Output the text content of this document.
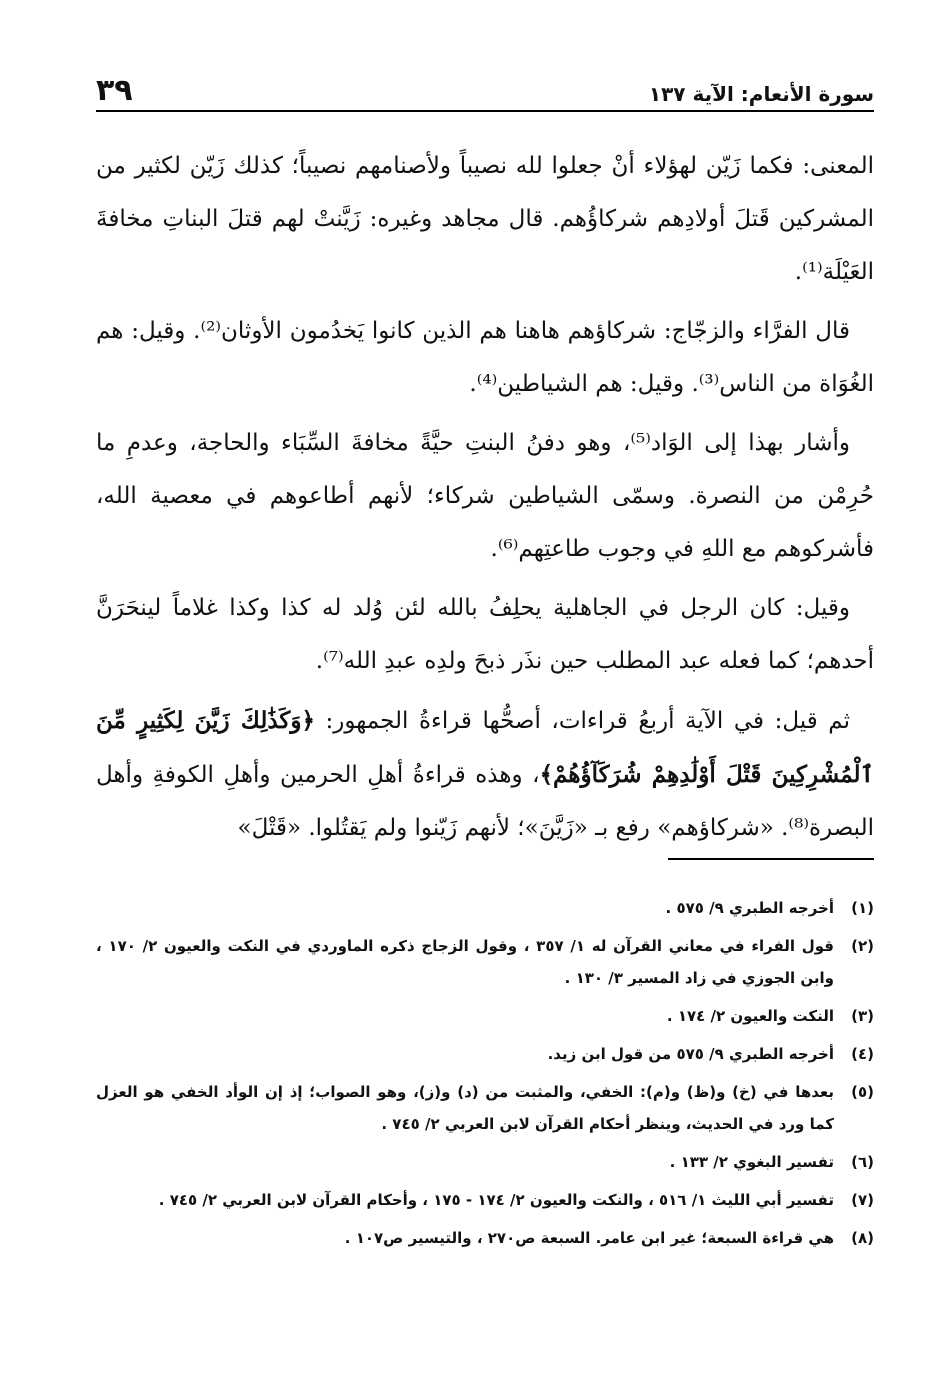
سورة الأنعام: الآية ١٣٧
٣٩

المعنى: فكما زَيّن لهؤلاء أنْ جعلوا لله نصيباً ولأصنامهم نصيباً؛ كذلك زَيّن لكثير من المشركين قَتلَ أولادِهم شركاؤُهم. قال مجاهد وغيره: زَيَّنتْ لهم قتلَ البناتِ مخافةَ العَيْلَة⁽¹⁾.

قال الفرَّاء والزجّاج: شركاؤهم هاهنا هم الذين كانوا يَخدُمون الأوثان⁽²⁾. وقيل: هم الغُوَاة من الناس⁽³⁾. وقيل: هم الشياطين⁽⁴⁾.

وأشار بهذا إلى الوَاد⁽⁵⁾، وهو دفنُ البنتِ حيَّةً مخافةَ السِّبَاء والحاجة، وعدمِ ما حُرِمْن من النصرة. وسمّى الشياطين شركاء؛ لأنهم أطاعوهم في معصية الله، فأشركوهم مع اللهِ في وجوب طاعتِهم⁽⁶⁾.

وقيل: كان الرجل في الجاهلية يحلِفُ بالله لئن وُلد له كذا وكذا غلاماً لينحَرَنَّ أحدهم؛ كما فعله عبد المطلب حين نذَر ذبحَ ولدِه عبدِ الله⁽⁷⁾.

ثم قيل: في الآية أربعُ قراءات، أصحُّها قراءةُ الجمهور: ﴿وَكَذَٰلِكَ زَيَّنَ لِكَثِيرٍ مِّنَ ٱلْمُشْرِكِينَ قَتْلَ أَوْلَٰدِهِمْ شُرَكَآؤُهُمْ﴾، وهذه قراءةُ أهلِ الحرمين وأهلِ الكوفةِ وأهل البصرة⁽⁸⁾. «شركاؤهم» رفع بـ «زَيَّنَ»؛ لأنهم زَيّنوا ولم يَقتُلوا. «قَتْلَ»

(١)
أخرجه الطبري ٩/ ٥٧٥ .
(٢)
قول الفراء في معاني القرآن له ١/ ٣٥٧ ، وقول الزجاج ذكره الماوردي في النكت والعيون ٢/ ١٧٠ ، وابن الجوزي في زاد المسير ٣/ ١٣٠ .
(٣)
النكت والعيون ٢/ ١٧٤ .
(٤)
أخرجه الطبري ٩/ ٥٧٥ من قول ابن زيد.
(٥)
بعدها في (خ) و(ظ) و(م): الخفي، والمثبت من (د) و(ز)، وهو الصواب؛ إذ إن الوأد الخفي هو العزل كما ورد في الحديث، وينظر أحكام القرآن لابن العربي ٢/ ٧٤٥ .
(٦)
تفسير البغوي ٢/ ١٣٣ .
(٧)
تفسير أبي الليث ١/ ٥١٦ ، والنكت والعيون ٢/ ١٧٤ - ١٧٥ ، وأحكام القرآن لابن العربي ٢/ ٧٤٥ .
(٨)
هي قراءة السبعة؛ غير ابن عامر. السبعة ص٢٧٠ ، والتيسير ص١٠٧ .
